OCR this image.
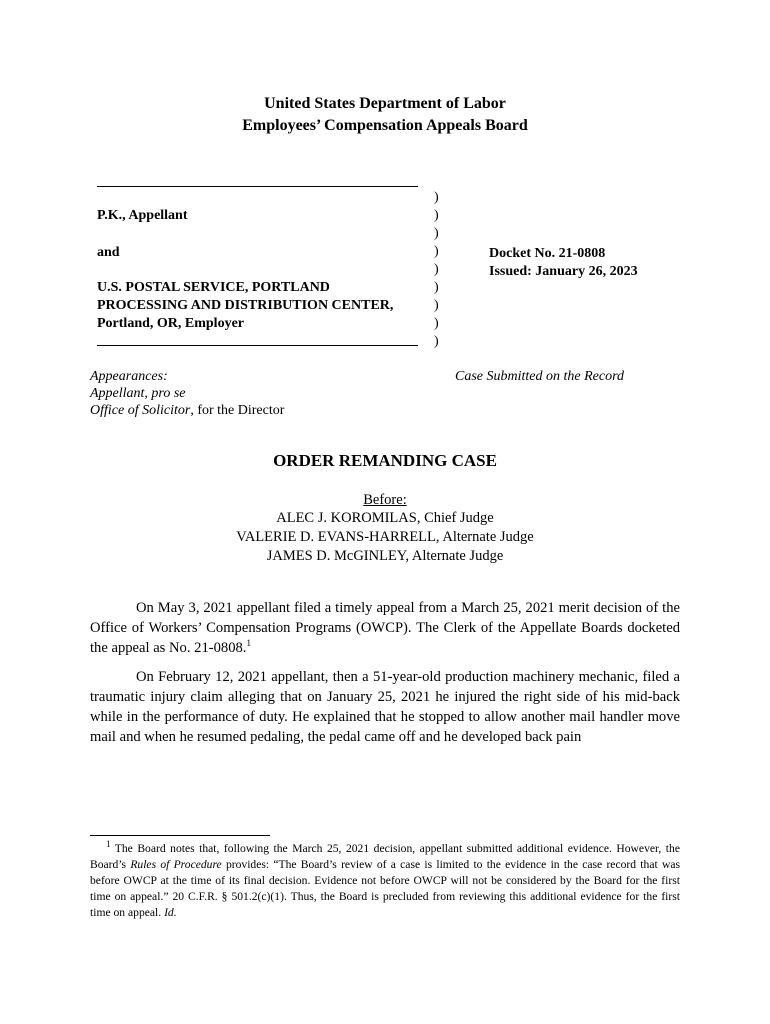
United States Department of Labor
Employees’ Compensation Appeals Board
P.K., Appellant
and
U.S. POSTAL SERVICE, PORTLAND
PROCESSING AND DISTRIBUTION CENTER,
Portland, OR, Employer
)
)
)
)
)
)
)
)
)
Docket No. 21-0808
Issued: January 26, 2023
Appearances:
Appellant, pro se
Office of Solicitor, for the Director
Case Submitted on the Record
ORDER REMANDING CASE
Before:
ALEC J. KOROMILAS, Chief Judge
VALERIE D. EVANS-HARRELL, Alternate Judge
JAMES D. McGINLEY, Alternate Judge
On May 3, 2021 appellant filed a timely appeal from a March 25, 2021 merit decision of the Office of Workers’ Compensation Programs (OWCP). The Clerk of the Appellate Boards docketed the appeal as No. 21-0808.$^1$
On February 12, 2021 appellant, then a 51-year-old production machinery mechanic, filed a traumatic injury claim alleging that on January 25, 2021 he injured the right side of his mid-back while in the performance of duty. He explained that he stopped to allow another mail handler move mail and when he resumed pedaling, the pedal came off and he developed back pain
$^1$ The Board notes that, following the March 25, 2021 decision, appellant submitted additional evidence. However, the Board’s Rules of Procedure provides: “The Board’s review of a case is limited to the evidence in the case record that was before OWCP at the time of its final decision. Evidence not before OWCP will not be considered by the Board for the first time on appeal.” 20 C.F.R. § 501.2(c)(1). Thus, the Board is precluded from reviewing this additional evidence for the first time on appeal. Id.
